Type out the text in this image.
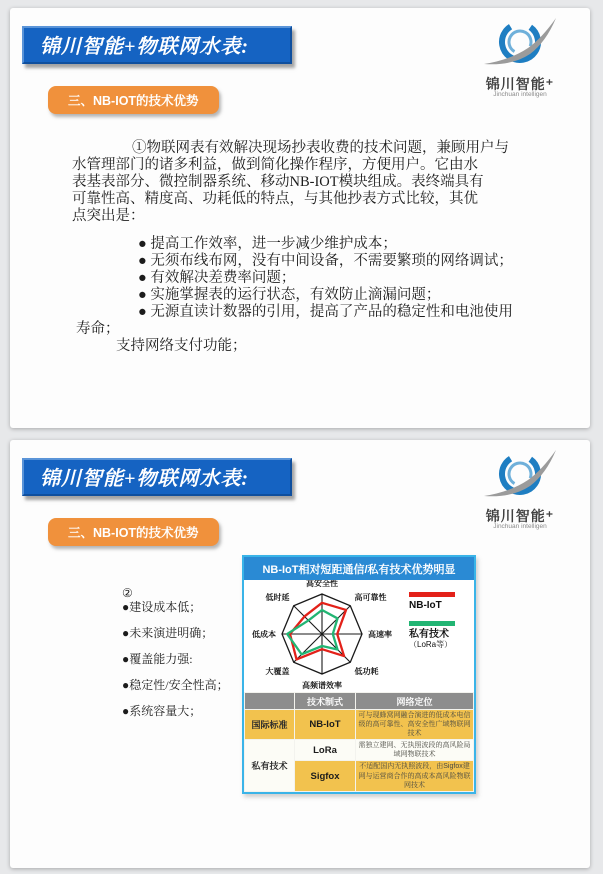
锦川智能+物联网水表:
锦川智能⁺
Jinchuan intelligen
三、NB-IOT的技术优势
①物联网表有效解决现场抄表收费的技术问题，兼顾用户与
水管理部门的诸多利益，做到简化操作程序，方便用户。它由水
表基表部分、微控制器系统、移动NB-IOT模块组成。表终端具有
可靠性高、精度高、功耗低的特点，与其他抄表方式比较，其优
点突出是：
● 提高工作效率，进一步减少维护成本；
● 无须布线布网，没有中间设备，不需要繁琐的网络调试；
● 有效解决差费率问题；
● 实施掌握表的运行状态，有效防止滴漏问题；
● 无源直读计数器的引用，提高了产品的稳定性和电池使用
寿命；
支持网络支付功能；
锦川智能+物联网水表:
锦川智能⁺
Jinchuan intelligen
三、NB-IOT的技术优势
②
●建设成本低；
●未来演进明确；
●覆盖能力强:
●稳定性/安全性高；
●系统容量大；
NB-IoT相对短距通信/私有技术优势明显
高安全性
高可靠性
高速率
低功耗
高频谱效率
大覆盖
低成本
低时延
NB-IoT
私有技术
（LoRa等）
	技术制式	网络定位
国际标准	NB-IoT	可与现蜂窝网融合演进的低成本电信级的高可靠性、高安全性广域物联网技术
私有技术	LoRa	需独立建网、无执照波段的高风险局域网物联技术
	Sigfox	不适配国内无执照波段，由Sigfox建网与运营商合作的高成本高风险物联网技术
